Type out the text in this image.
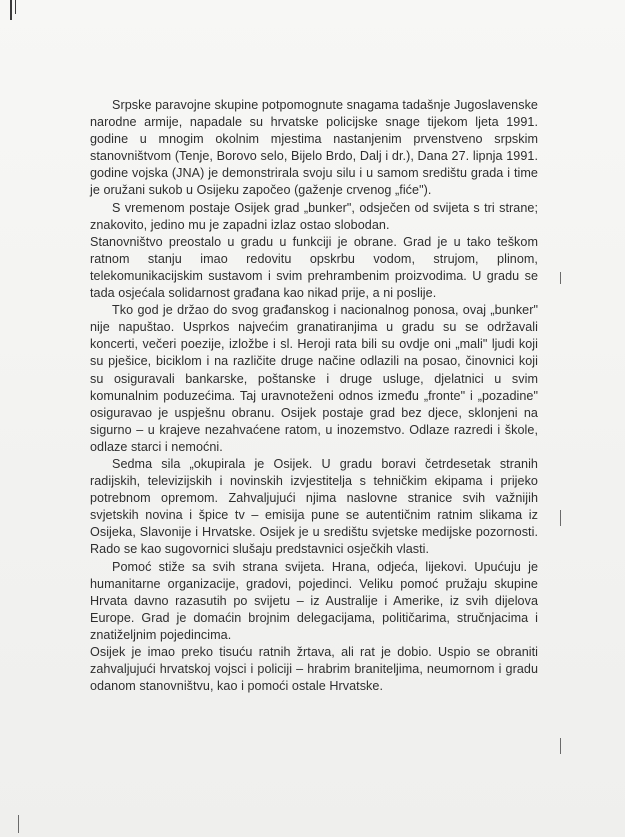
Srpske paravojne skupine potpomognute snagama tadašnje Jugoslavenske narodne armije, napadale su hrvatske policijske snage tijekom ljeta 1991. godine u mnogim okolnim mjestima nastanjenim prvenstveno srpskim stanovništvom (Tenje, Borovo selo, Bijelo Brdo, Dalj i dr.), Dana 27. lipnja 1991. godine vojska (JNA) je demonstrirala svoju silu i u samom središtu grada i time je oružani sukob u Osijeku započeo (gaženje crvenog „fiće").

S vremenom postaje Osijek grad „bunker", odsječen od svijeta s tri strane; znakovito, jedino mu je zapadni izlaz ostao slobodan.

Stanovništvo preostalo u gradu u funkciji je obrane. Grad je u tako teškom ratnom stanju imao redovitu opskrbu vodom, strujom, plinom, telekomunikacijskim sustavom i svim prehrambenim proizvodima. U gradu se tada osjećala solidarnost građana kao nikad prije, a ni poslije.

Tko god je držao do svog građanskog i nacionalnog ponosa, ovaj „bunker" nije napuštao. Usprkos najvećim granatiranjima u gradu su se održavali koncerti, večeri poezije, izložbe i sl. Heroji rata bili su ovdje oni „mali" ljudi koji su pješice, biciklom i na različite druge načine odlazili na posao, činovnici koji su osiguravali bankarske, poštanske i druge usluge, djelatnici u svim komunalnim poduzećima. Taj uravnoteženi odnos između „fronte" i „pozadine" osiguravao je uspješnu obranu. Osijek postaje grad bez djece, sklonjeni na sigurno – u krajeve nezahvaćene ratom, u inozemstvo. Odlaze razredi i škole, odlaze starci i nemoćni.

Sedma sila „okupirala je Osijek. U gradu boravi četrdesetak stranih radijskih, televizijskih i novinskih izvjestitelja s tehničkim ekipama i prijeko potrebnom opremom. Zahvaljujući njima naslovne stranice svih važnijih svjetskih novina i špice tv – emisija pune se autentičnim ratnim slikama iz Osijeka, Slavonije i Hrvatske. Osijek je u središtu svjetske medijske pozornosti. Rado se kao sugovornici slušaju predstavnici osječkih vlasti.

Pomoć stiže sa svih strana svijeta. Hrana, odjeća, lijekovi. Upućuju je humanitarne organizacije, gradovi, pojedinci. Veliku pomoć pružaju skupine Hrvata davno razasutih po svijetu – iz Australije i Amerike, iz svih dijelova Europe. Grad je domaćin brojnim delegacijama, političarima, stručnjacima i znatiželjnim pojedincima.

Osijek je imao preko tisuću ratnih žrtava, ali rat je dobio. Uspio se obraniti zahvaljujući hrvatskoj vojsci i policiji – hrabrim braniteljima, neumornom i gradu odanom stanovništvu, kao i pomoći ostale Hrvatske.
